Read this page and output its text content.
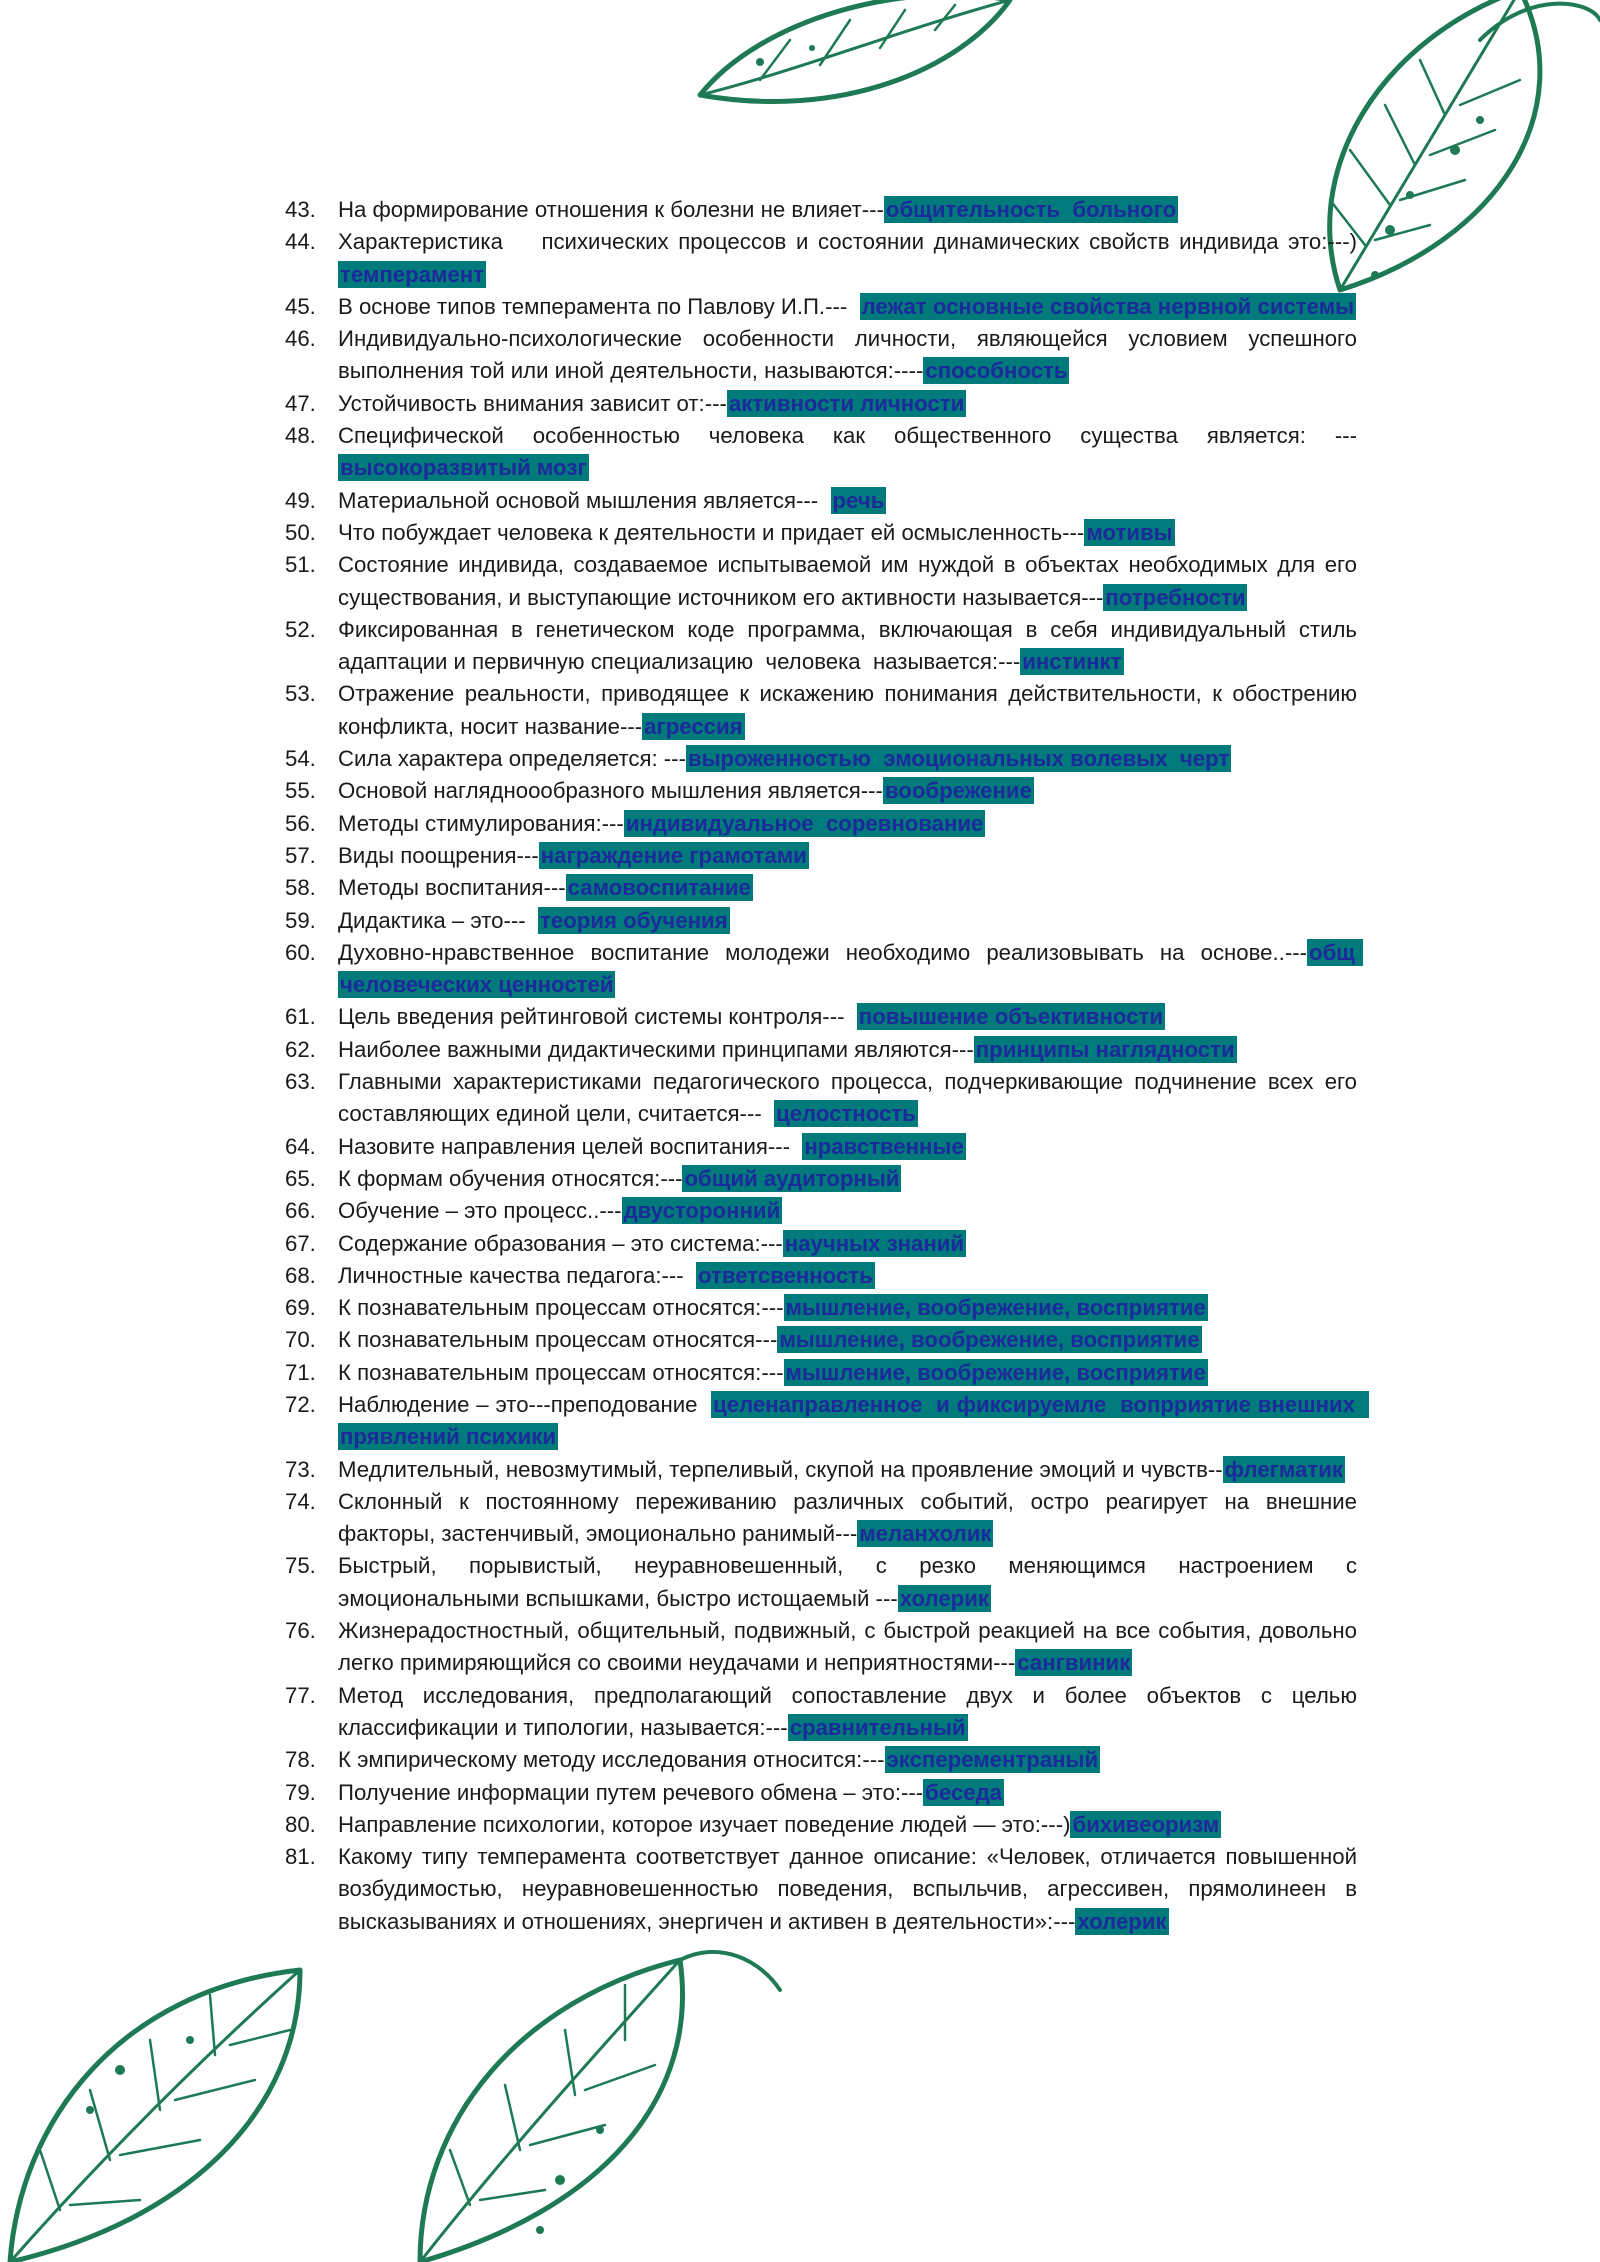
43. На формирование отношения к болезни не влияет---общительность  больного
44. Характеристика    психических процессов и состоянии динамических свойств индивида это:---)  темперамент
45. В основе типов темперамента по Павлову И.П.---  лежат основные свойства нервной системы
46. Индивидуально-психологические особенности личности, являющейся условием успешного выполнения той или иной деятельности, называются:----способность
47. Устойчивость внимания зависит от:---активности личности
48. Специфической особенностью человека как общественного существа является: ---высокоразвитый мозг
49. Материальной основой мышления является---  речь
50. Что побуждает человека к деятельности и придает ей осмысленность---мотивы
51. Состояние индивида, создаваемое испытываемой им нуждой в объектах необходимых для его существования, и выступающие источником его активности называется---потребности
52. Фиксированная в генетическом коде программа, включающая в себя индивидуальный стиль адаптации и первичную специализацию  человека  называется:---инстинкт
53. Отражение реальности, приводящее к искажению понимания действительности, к обострению конфликта, носит название---агрессия
54. Сила характера определяется: ---выроженностью  эмоциональных волевых  черт
55. Основой наглядноообразного мышления является---вообрежение
56. Методы стимулирования:---индивидуальное  соревнование
57. Виды поощрения---награждение грамотами
58. Методы воспитания---самовоспитание
59. Дидактика – это---  теория обучения
60. Духовно-нравственное воспитание молодежи необходимо реализовывать на основе..---общ человеческих ценностей
61. Цель введения рейтинговой системы контроля---  повышение объективности
62. Наиболее важными дидактическими принципами являются---принципы наглядности
63. Главными характеристиками педагогического процесса, подчеркивающие подчинение всех его составляющих единой цели, считается---  целостность
64. Назовите направления целей воспитания---  нравственные
65. К формам обучения относятся:---общий аудиторный
66. Обучение – это процесс..---двусторонний
67. Содержание образования – это система:---научных знаний
68. Личностные качества педагога:---  ответсвенность
69. К познавательным процессам относятся:---мышление, вообрежение, восприятие
70. К познавательным процессам относятся---мышление, вообрежение, восприятие
71. К познавательным процессам относятся:---мышление, вообрежение, восприятие
72. Наблюдение – это---преподование  целенаправленное  и фиксируемле  вопрриятие внешних  прявлений психики
73. Медлительный, невозмутимый, терпеливый, скупой на проявление эмоций и чувств--флегматик
74. Склонный к постоянному переживанию различных событий, остро реагирует на внешние факторы, застенчивый, эмоционально ранимый---меланхолик
75. Быстрый, порывистый, неуравновешенный, с резко меняющимся настроением с эмоциональными вспышками, быстро истощаемый ---холерик
76. Жизнерадостностный, общительный, подвижный, с быстрой реакцией на все события, довольно легко примиряющийся со своими неудачами и неприятностями---сангвиник
77. Метод исследования, предполагающий сопоставление двух и более объектов с целью классификации и типологии, называется:---сравнительный
78. К эмпирическому методу исследования относится:---эксперементраный
79. Получение информации путем речевого обмена – это:---беседа
80. Направление психологии, которое изучает поведение людей — это:---)бихивеоризм
81. Какому типу темперамента соответствует данное описание: «Человек, отличается повышенной возбудимостью, неуравновешенностью поведения, вспыльчив, агрессивен, прямолинеен в высказываниях и отношениях, энергичен и активен в деятельности»:---холерик
